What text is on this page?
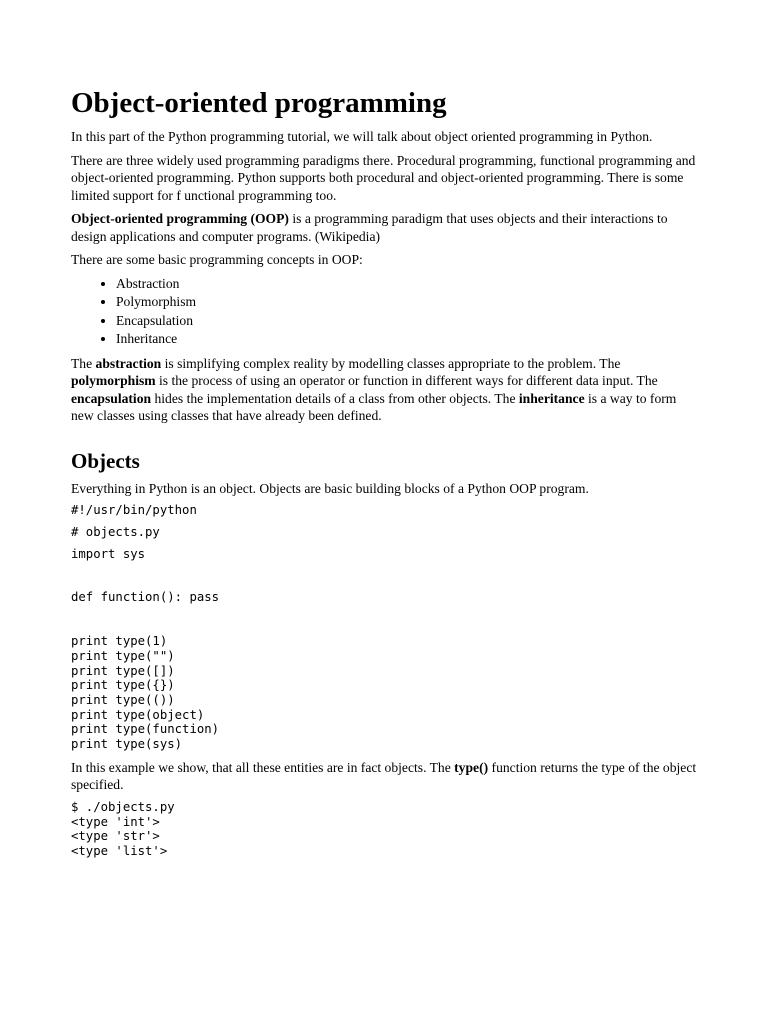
Object-oriented programming

In this part of the Python programming tutorial, we will talk about object oriented programming in Python.

There are three widely used programming paradigms there. Procedural programming, functional programming and object-oriented programming. Python supports both procedural and object-oriented programming. There is some limited support for f unctional programming too.

Object-oriented programming (OOP) is a programming paradigm that uses objects and their interactions to design applications and computer programs. (Wikipedia)

There are some basic programming concepts in OOP:

• Abstraction
• Polymorphism
• Encapsulation
• Inheritance

The abstraction is simplifying complex reality by modelling classes appropriate to the problem. The polymorphism is the process of using an operator or function in different ways for different data input. The encapsulation hides the implementation details of a class from other objects. The inheritance is a way to form new classes using classes that have already been defined.

Objects

Everything in Python is an object. Objects are basic building blocks of a Python OOP program.

#!/usr/bin/python
# objects.py
import sys
def function(): pass
print type(1)
print type("")
print type([])
print type({})
print type(())
print type(object)
print type(function)
print type(sys)

In this example we show, that all these entities are in fact objects. The type() function returns the type of the object specified.

$ ./objects.py
<type 'int'>
<type 'str'>
<type 'list'>
